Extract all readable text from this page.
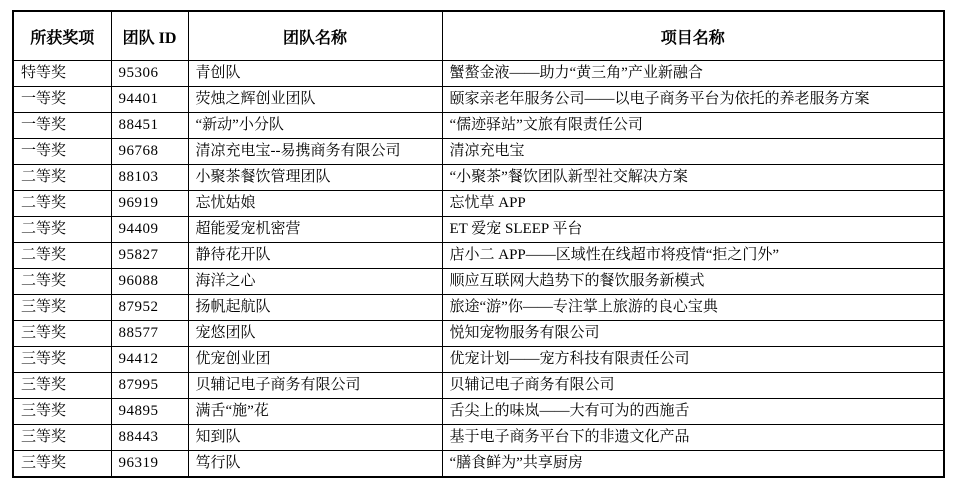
所获奖项	团队 ID	团队名称	项目名称
特等奖	95306	青创队	蟹螯金液——助力“黄三角”产业新融合
一等奖	94401	荧烛之辉创业团队	颐家亲老年服务公司——以电子商务平台为依托的养老服务方案
一等奖	88451	“新动”小分队	“儒迹驿站”文旅有限责任公司
一等奖	96768	清凉充电宝--易携商务有限公司	清凉充电宝
二等奖	88103	小聚茶餐饮管理团队	“小聚茶”餐饮团队新型社交解决方案
二等奖	96919	忘忧姑娘	忘忧草 APP
二等奖	94409	超能爱宠机密营	ET 爱宠 SLEEP 平台
二等奖	95827	静待花开队	店小二 APP——区域性在线超市将疫情“拒之门外”
二等奖	96088	海洋之心	顺应互联网大趋势下的餐饮服务新模式
三等奖	87952	扬帆起航队	旅途“游”你——专注掌上旅游的良心宝典
三等奖	88577	宠悠团队	悦知宠物服务有限公司
三等奖	94412	优宠创业团	优宠计划——宠方科技有限责任公司
三等奖	87995	贝辅记电子商务有限公司	贝辅记电子商务有限公司
三等奖	94895	满舌“施”花	舌尖上的味岚——大有可为的西施舌
三等奖	88443	知到队	基于电子商务平台下的非遗文化产品
三等奖	96319	笃行队	“膳食鲜为”共享厨房
